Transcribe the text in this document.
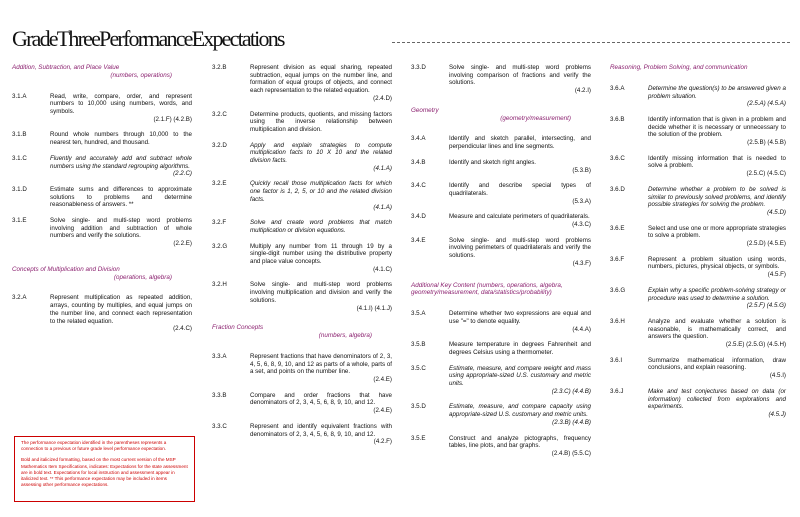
GradeThreePerformanceExpectations
Addition, Subtraction, and Place Value
(numbers, operations)
3.1.A	Read, write, compare, order, and represent numbers to 10,000 using numbers, words, and symbols.
(2.1.F) (4.2.B)
3.1.B	Round whole numbers through 10,000 to the nearest ten, hundred, and thousand.
3.1.C	Fluently and accurately add and subtract whole numbers using the standard regrouping algorithms.
(2.2.C)
3.1.D	Estimate sums and differences to approximate solutions to problems and determine reasonableness of answers. **
3.1.E	Solve single- and multi-step word problems involving addition and subtraction of whole numbers and verify the solutions.
(2.2.E)
Concepts of Multiplication and Division
(operations, algebra)
3.2.A	Represent multiplication as repeated addition, arrays, counting by multiples, and equal jumps on the number line, and connect each representation to the related equation.
(2.4.C)
3.2.B	Represent division as equal sharing, repeated subtraction, equal jumps on the number line, and formation of equal groups of objects, and connect each representation to the related equation.
(2.4.D)
3.2.C	Determine products, quotients, and missing factors using the inverse relationship between multiplication and division.
3.2.D	Apply and explain strategies to compute multiplication facts to 10 X 10 and the related division facts.
(4.1.A)
3.2.E	Quickly recall those multiplication facts for which one factor is 1, 2, 5, or 10 and the related division facts.
(4.1.A)
3.2.F	Solve and create word problems that match multiplication or division equations.
3.2.G	Multiply any number from 11 through 19 by a single-digit number using the distributive property and place value concepts.
(4.1.C)
3.2.H	Solve single- and multi-step word problems involving multiplication and division and verify the solutions.
(4.1.I) (4.1.J)
Fraction Concepts
(numbers, algebra)
3.3.A	Represent fractions that have denominators of 2, 3, 4, 5, 6, 8, 9, 10, and 12 as parts of a whole, parts of a set, and points on the number line.
(2.4.E)
3.3.B	Compare and order fractions that have denominators of 2, 3, 4, 5, 6, 8, 9, 10, and 12.
(2.4.E)
3.3.C	Represent and identify equivalent fractions with denominators of 2, 3, 4, 5, 6, 8, 9, 10, and 12.
(4.2.F)
3.3.D	Solve single- and multi-step word problems involving comparison of fractions and verify the solutions.
(4.2.I)
Geometry
(geometry/measurement)
3.4.A	Identify and sketch parallel, intersecting, and perpendicular lines and line segments.
3.4.B	Identify and sketch right angles.
(5.3.B)
3.4.C	Identify and describe special types of quadrilaterals.
(5.3.A)
3.4.D	Measure and calculate perimeters of quadrilaterals.
(4.3.C)
3.4.E	Solve single- and multi-step word problems involving perimeters of quadrilaterals and verify the solutions.
(4.3.F)
Additional Key Content (numbers, operations, algebra, geometry/measurement, data/statistics/probability)
3.5.A	Determine whether two expressions are equal and use "=" to denote equality.
(4.4.A)
3.5.B	Measure temperature in degrees Fahrenheit and degrees Celsius using a thermometer.
3.5.C	Estimate, measure, and compare weight and mass using appropriate-sized U.S. customary and metric units.
(2.3.C) (4.4.B)
3.5.D	Estimate, measure, and compare capacity using appropriate-sized U.S. customary and metric units.
(2.3.B) (4.4.B)
3.5.E	Construct and analyze pictographs, frequency tables, line plots, and bar graphs.
(2.4.B) (5.5.C)
Reasoning, Problem Solving, and communication
3.6.A	Determine the question(s) to be answered given a problem situation.
(2.5.A) (4.5.A)
3.6.B	Identify information that is given in a problem and decide whether it is necessary or unnecessary to the solution of the problem.
(2.5.B) (4.5.B)
3.6.C	Identify missing information that is needed to solve a problem.
(2.5.C) (4.5.C)
3.6.D	Determine whether a problem to be solved is similar to previously solved problems, and identify possible strategies for solving the problem.
(4.5.D)
3.6.E	Select and use one or more appropriate strategies to solve a problem.
(2.5.D) (4.5.E)
3.6.F	Represent a problem situation using words, numbers, pictures, physical objects, or symbols.
(4.5.F)
3.6.G	Explain why a specific problem-solving strategy or procedure was used to determine a solution.
(2.5.F) (4.5.G)
3.6.H	Analyze and evaluate whether a solution is reasonable, is mathematically correct, and answers the question.
(2.5.E) (2.5.G) (4.5.H)
3.6.I	Summarize mathematical information, draw conclusions, and explain reasoning.
(4.5.I)
3.6.J	Make and test conjectures based on data (or information) collected from explorations and experiments.
(4.5.J)

The performance expectation identified in the parentheses represents a connection to a previous or future grade level performance expectation.

Bold and italicized formatting, based on the most current version of the MSP Mathematics Item Specifications, indicates: Expectations for the state assessment are in bold text. Expectations for local instruction and assessment appear in italicized text. ** This performance expectation may be included in items assessing other performance expectations.
